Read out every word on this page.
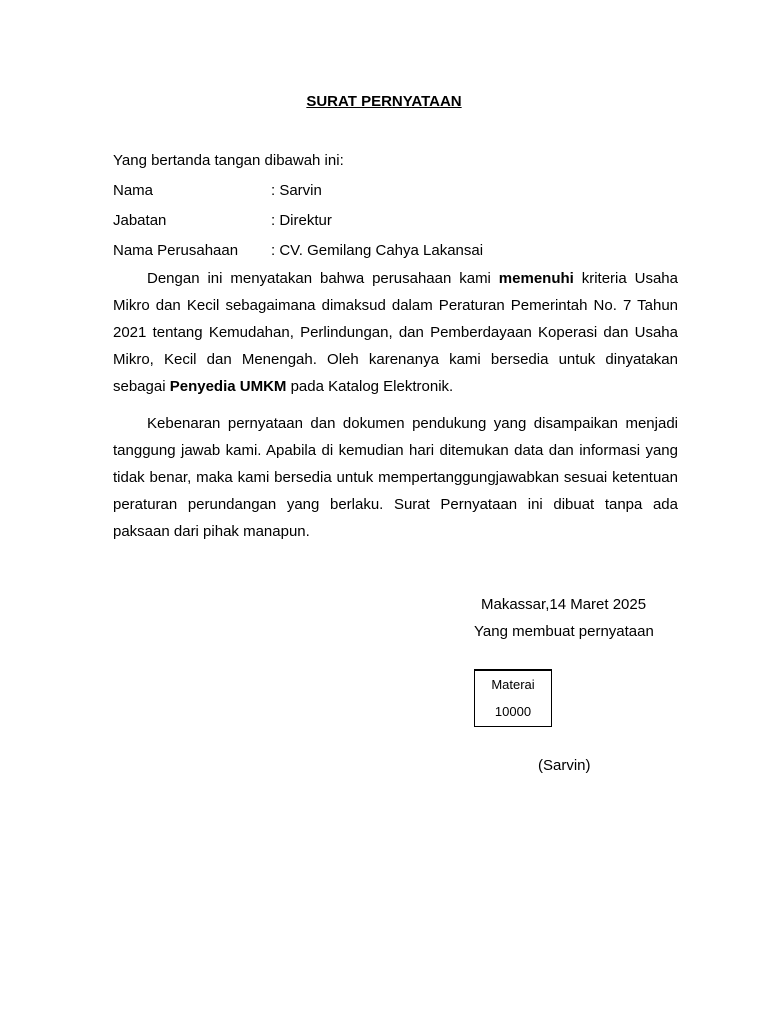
SURAT PERNYATAAN
Yang bertanda tangan dibawah ini:
Nama	: Sarvin
Jabatan	: Direktur
Nama Perusahaan : CV. Gemilang Cahya Lakansai

Dengan ini menyatakan bahwa perusahaan kami memenuhi kriteria Usaha Mikro dan Kecil sebagaimana dimaksud dalam Peraturan Pemerintah No. 7 Tahun 2021 tentang Kemudahan, Perlindungan, dan Pemberdayaan Koperasi dan Usaha Mikro, Kecil dan Menengah. Oleh karenanya kami bersedia untuk dinyatakan sebagai Penyedia UMKM pada Katalog Elektronik.

Kebenaran pernyataan dan dokumen pendukung yang disampaikan menjadi tanggung jawab kami. Apabila di kemudian hari ditemukan data dan informasi yang tidak benar, maka kami bersedia untuk mempertanggungjawabkan sesuai ketentuan peraturan perundangan yang berlaku. Surat Pernyataan ini dibuat tanpa ada paksaan dari pihak manapun.

Makassar,14 Maret 2025
Yang membuat pernyataan
Materai
10000
(Sarvin)
